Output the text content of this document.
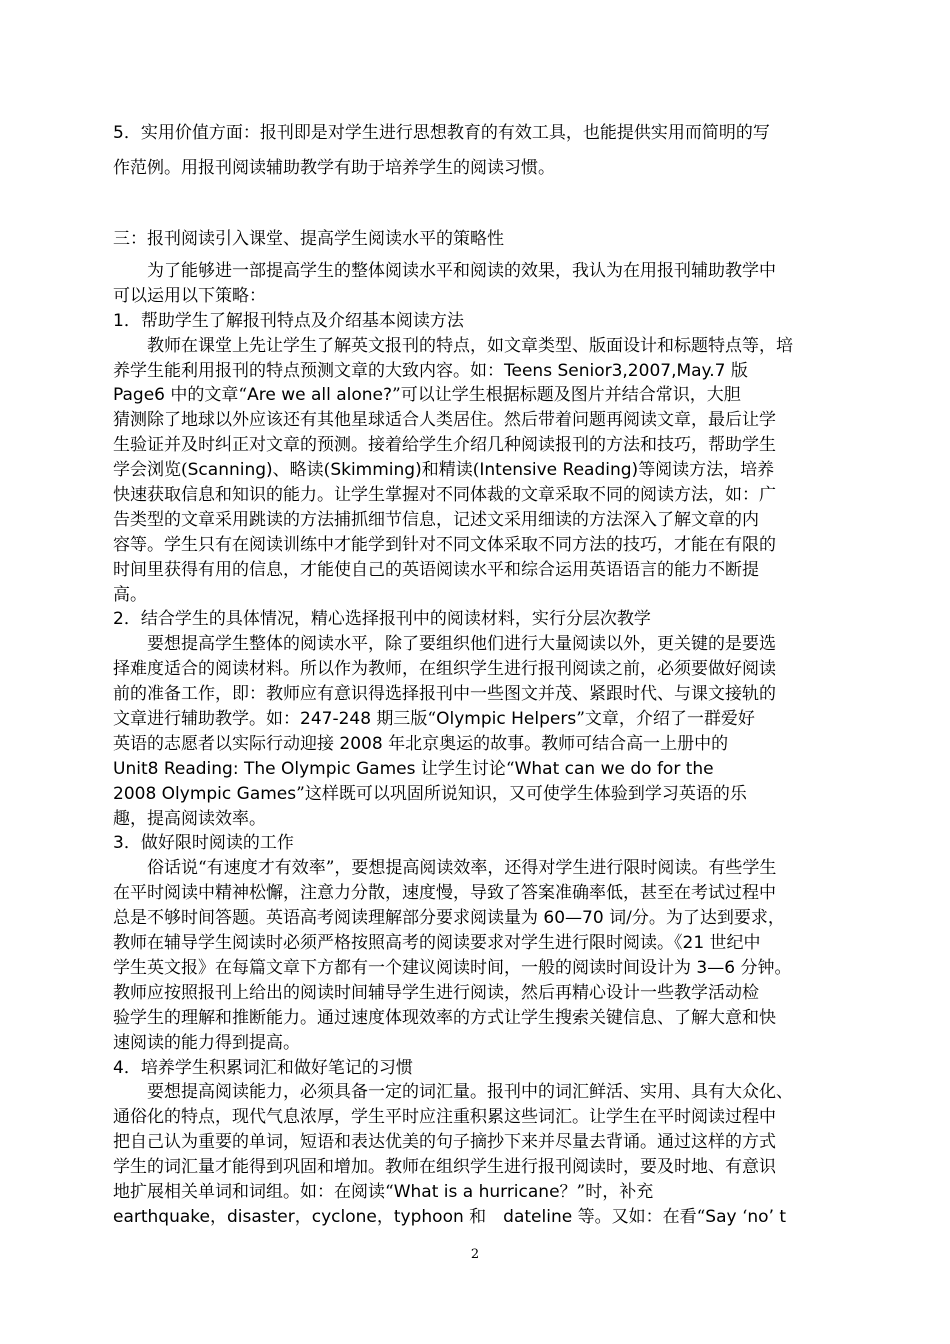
5．实用价值方面：报刊即是对学生进行思想教育的有效工具，也能提供实用而简明的写

作范例。用报刊阅读辅助教学有助于培养学生的阅读习惯。

三：报刊阅读引入课堂、提高学生阅读水平的策略性
　　为了能够进一部提高学生的整体阅读水平和阅读的效果，我认为在用报刊辅助教学中
可以运用以下策略：
1．帮助学生了解报刊特点及介绍基本阅读方法
　　教师在课堂上先让学生了解英文报刊的特点，如文章类型、版面设计和标题特点等，培
养学生能利用报刊的特点预测文章的大致内容。如：Teens Senior3,2007,May.7 版
Page6 中的文章“Are we all alone?”可以让学生根据标题及图片并结合常识，大胆
猜测除了地球以外应该还有其他星球适合人类居住。然后带着问题再阅读文章，最后让学
生验证并及时纠正对文章的预测。接着给学生介绍几种阅读报刊的方法和技巧，帮助学生
学会浏览(Scanning)、略读(Skimming)和精读(Intensive Reading)等阅读方法，培养
快速获取信息和知识的能力。让学生掌握对不同体裁的文章采取不同的阅读方法，如：广
告类型的文章采用跳读的方法捕抓细节信息，记述文采用细读的方法深入了解文章的内
容等。学生只有在阅读训练中才能学到针对不同文体采取不同方法的技巧，才能在有限的
时间里获得有用的信息，才能使自己的英语阅读水平和综合运用英语语言的能力不断提
高。
2．结合学生的具体情况，精心选择报刊中的阅读材料，实行分层次教学
　　要想提高学生整体的阅读水平，除了要组织他们进行大量阅读以外，更关键的是要选
择难度适合的阅读材料。所以作为教师，在组织学生进行报刊阅读之前，必须要做好阅读
前的准备工作，即：教师应有意识得选择报刊中一些图文并茂、紧跟时代、与课文接轨的
文章进行辅助教学。如：247-248 期三版“Olympic Helpers”文章，介绍了一群爱好
英语的志愿者以实际行动迎接 2008 年北京奥运的故事。教师可结合高一上册中的
Unit8 Reading: The Olympic Games 让学生讨论“What can we do for the
2008 Olympic Games”这样既可以巩固所说知识，又可使学生体验到学习英语的乐
趣，提高阅读效率。
3．做好限时阅读的工作
　　俗话说“有速度才有效率”，要想提高阅读效率，还得对学生进行限时阅读。有些学生
在平时阅读中精神松懈，注意力分散，速度慢，导致了答案准确率低，甚至在考试过程中
总是不够时间答题。英语高考阅读理解部分要求阅读量为 60—70 词/分。为了达到要求，
教师在辅导学生阅读时必须严格按照高考的阅读要求对学生进行限时阅读。《21 世纪中
学生英文报》在每篇文章下方都有一个建议阅读时间，一般的阅读时间设计为 3—6 分钟。
教师应按照报刊上给出的阅读时间辅导学生进行阅读，然后再精心设计一些教学活动检
验学生的理解和推断能力。通过速度体现效率的方式让学生搜索关键信息、了解大意和快
速阅读的能力得到提高。
4．培养学生积累词汇和做好笔记的习惯
　　要想提高阅读能力，必须具备一定的词汇量。报刊中的词汇鲜活、实用、具有大众化、
通俗化的特点，现代气息浓厚，学生平时应注重积累这些词汇。让学生在平时阅读过程中
把自己认为重要的单词，短语和表达优美的句子摘抄下来并尽量去背诵。通过这样的方式
学生的词汇量才能得到巩固和增加。教师在组织学生进行报刊阅读时，要及时地、有意识
地扩展相关单词和词组。如：在阅读“What is a hurricane？”时，补充
earthquake，disaster，cyclone，typhoon 和　dateline 等。又如：在看“Say ‘no’ t
2
